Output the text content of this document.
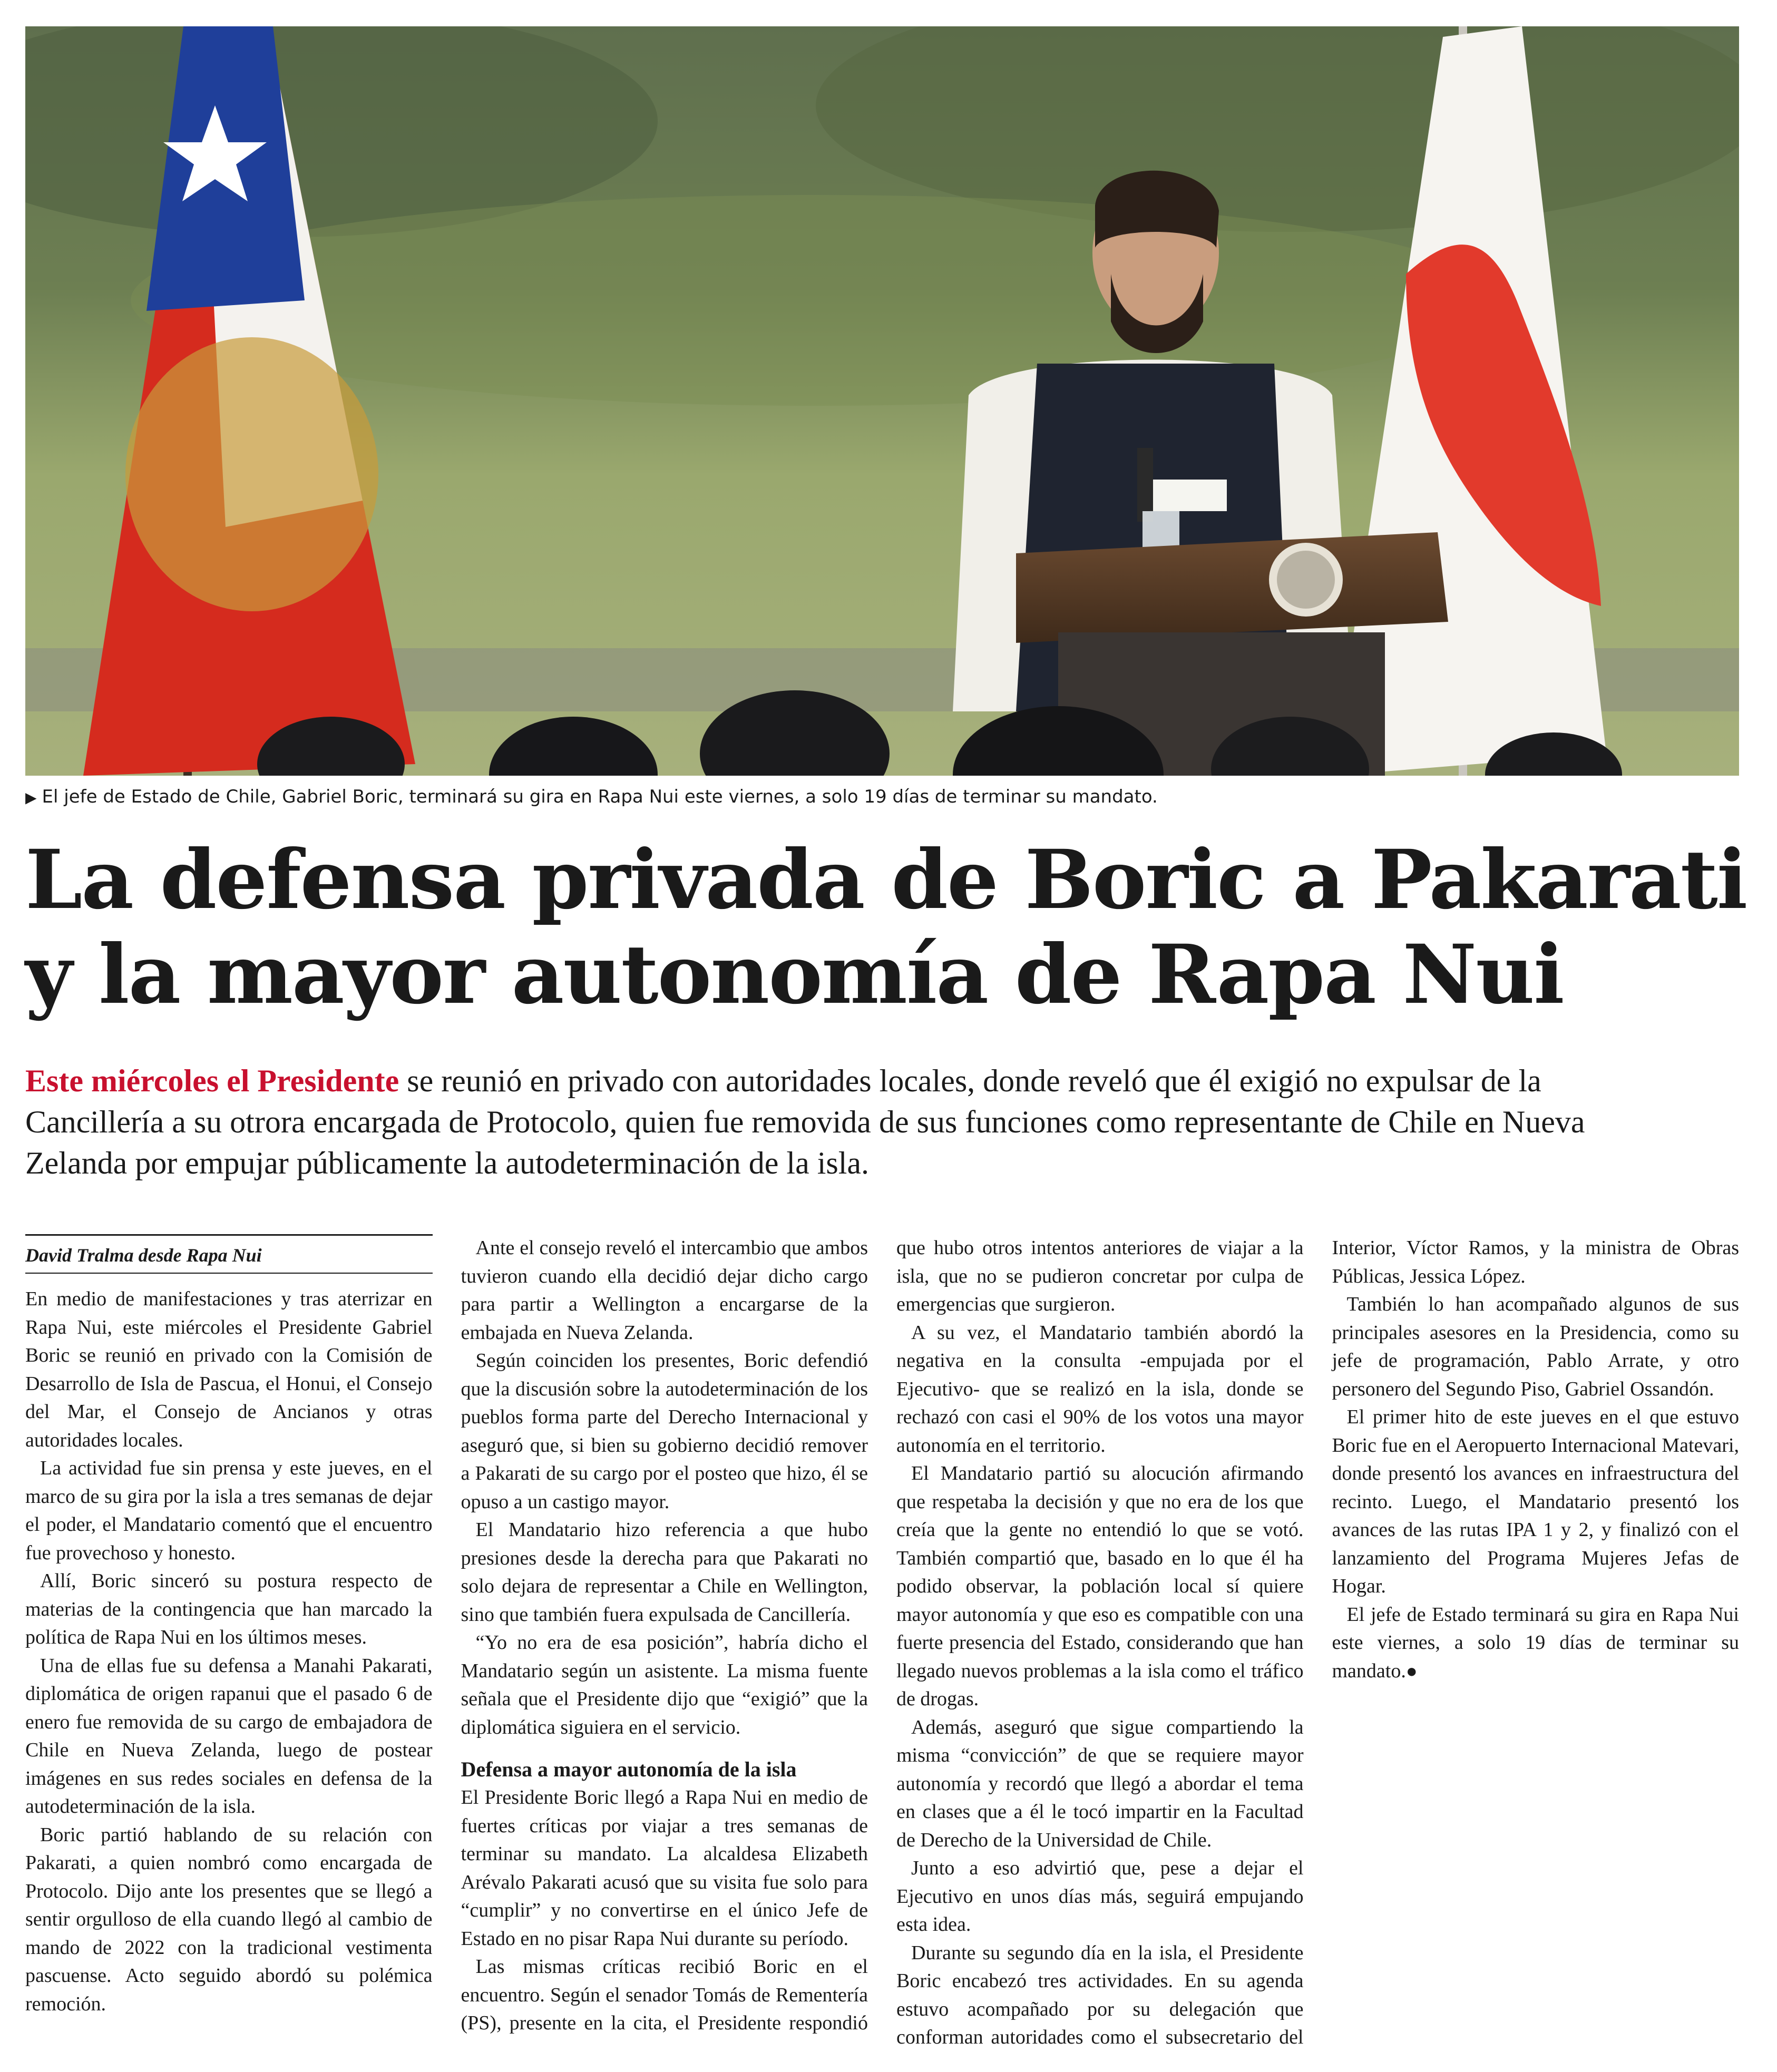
▶ El jefe de Estado de Chile, Gabriel Boric, terminará su gira en Rapa Nui este viernes, a solo 19 días de terminar su mandato.
La defensa privada de Boric a Pakarati
y la mayor autonomía de Rapa Nui

Este miércoles el Presidente se reunió en privado con autoridades locales, donde reveló que él exigió no expulsar de la Cancillería a su otrora encargada de Protocolo, quien fue removida de sus funciones como representante de Chile en Nueva Zelanda por empujar públicamente la autodeterminación de la isla.

David Tralma desde Rapa Nui

En medio de manifestaciones y tras aterrizar en Rapa Nui, este miércoles el Presidente Gabriel Boric se reunió en privado con la Comisión de Desarrollo de Isla de Pascua, el Honui, el Consejo del Mar, el Consejo de Ancianos y otras autoridades locales.

La actividad fue sin prensa y este jueves, en el marco de su gira por la isla a tres semanas de dejar el poder, el Mandatario comentó que el encuentro fue provechoso y honesto.

Allí, Boric sinceró su postura respecto de materias de la contingencia que han marcado la política de Rapa Nui en los últimos meses.

Una de ellas fue su defensa a Manahi Pakarati, diplomática de origen rapanui que el pasado 6 de enero fue removida de su cargo de embajadora de Chile en Nueva Zelanda, luego de postear imágenes en sus redes sociales en defensa de la autodeterminación de la isla.

Boric partió hablando de su relación con Pakarati, a quien nombró como encargada de Protocolo. Dijo ante los presentes que se llegó a sentir orgulloso de ella cuando llegó al cambio de mando de 2022 con la tradicional vestimenta pascuense. Acto seguido abordó su polémica remoción.

Ante el consejo reveló el intercambio que ambos tuvieron cuando ella decidió dejar dicho cargo para partir a Wellington a encargarse de la embajada en Nueva Zelanda.

Según coinciden los presentes, Boric defendió que la discusión sobre la autodeterminación de los pueblos forma parte del Derecho Internacional y aseguró que, si bien su gobierno decidió remover a Pakarati de su cargo por el posteo que hizo, él se opuso a un castigo mayor.

El Mandatario hizo referencia a que hubo presiones desde la derecha para que Pakarati no solo dejara de representar a Chile en Wellington, sino que también fuera expulsada de Cancillería.

“Yo no era de esa posición”, habría dicho el Mandatario según un asistente. La misma fuente señala que el Presidente dijo que “exigió” que la diplomática siguiera en el servicio.

Defensa a mayor autonomía de la isla

El Presidente Boric llegó a Rapa Nui en medio de fuertes críticas por viajar a tres semanas de terminar su mandato. La alcaldesa Elizabeth Arévalo Pakarati acusó que su visita fue solo para “cumplir” y no convertirse en el único Jefe de Estado en no pisar Rapa Nui durante su período.

Las mismas críticas recibió Boric en el encuentro. Según el senador Tomás de Rementería (PS), presente en la cita, el Presidente respondió que hubo otros intentos anteriores de viajar a la isla, que no se pudieron concretar por culpa de emergencias que surgieron.

A su vez, el Mandatario también abordó la negativa en la consulta -empujada por el Ejecutivo- que se realizó en la isla, donde se rechazó con casi el 90% de los votos una mayor autonomía en el territorio.

El Mandatario partió su alocución afirmando que respetaba la decisión y que no era de los que creía que la gente no entendió lo que se votó. También compartió que, basado en lo que él ha podido observar, la población local sí quiere mayor autonomía y que eso es compatible con una fuerte presencia del Estado, considerando que han llegado nuevos problemas a la isla como el tráfico de drogas.

Además, aseguró que sigue compartiendo la misma “convicción” de que se requiere mayor autonomía y recordó que llegó a abordar el tema en clases que a él le tocó impartir en la Facultad de Derecho de la Universidad de Chile.

Junto a eso advirtió que, pese a dejar el Ejecutivo en unos días más, seguirá empujando esta idea.

Durante su segundo día en la isla, el Presidente Boric encabezó tres actividades. En su agenda estuvo acompañado por su delegación que conforman autoridades como el subsecretario del Interior, Víctor Ramos, y la ministra de Obras Públicas, Jessica López.

También lo han acompañado algunos de sus principales asesores en la Presidencia, como su jefe de programación, Pablo Arrate, y otro personero del Segundo Piso, Gabriel Ossandón.

El primer hito de este jueves en el que estuvo Boric fue en el Aeropuerto Internacional Matevari, donde presentó los avances en infraestructura del recinto. Luego, el Mandatario presentó los avances de las rutas IPA 1 y 2, y finalizó con el lanzamiento del Programa Mujeres Jefas de Hogar.

El jefe de Estado terminará su gira en Rapa Nui este viernes, a solo 19 días de terminar su mandato.●
